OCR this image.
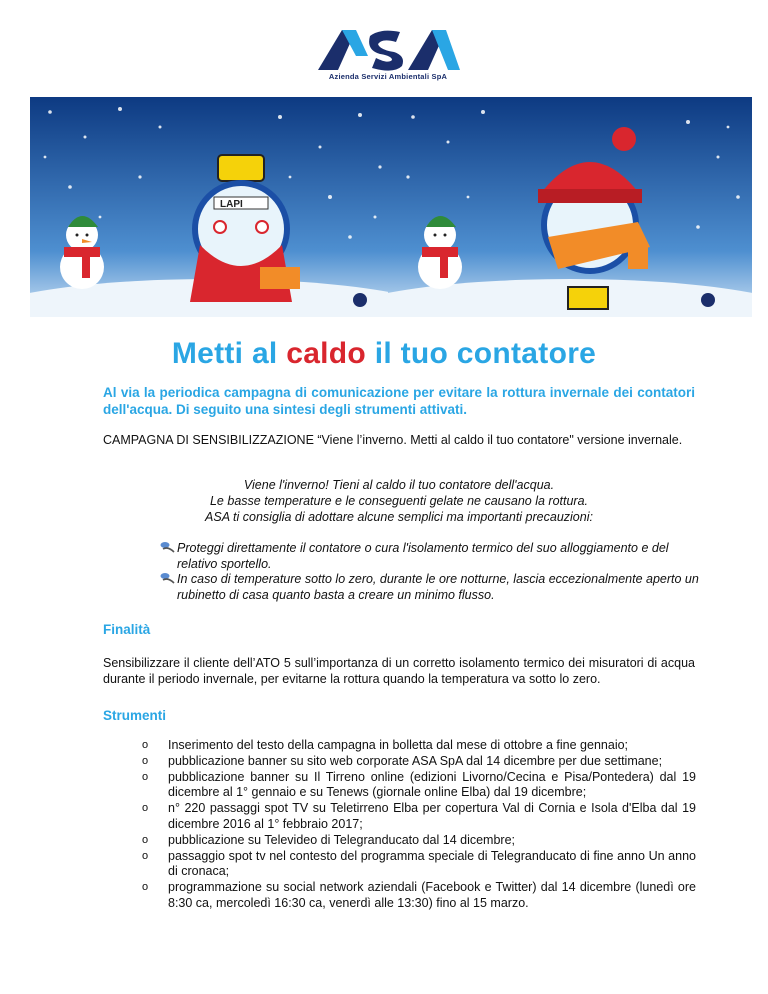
Azienda Servizi Ambientali SpA
LAPI
Metti al caldo il tuo contatore
Al via la periodica campagna di comunicazione per evitare la rottura invernale dei contatori dell'acqua. Di seguito una sintesi degli strumenti attivati.
CAMPAGNA DI SENSIBILIZZAZIONE “Viene l’inverno. Metti al caldo il tuo contatore" versione invernale.
Viene l'inverno! Tieni al caldo il tuo contatore dell'acqua.
Le basse temperature e le conseguenti gelate ne causano la rottura.
ASA ti consiglia di adottare alcune semplici ma importanti precauzioni:
Proteggi direttamente il contatore o cura l'isolamento termico del suo alloggiamento e del relativo sportello.
In caso di temperature sotto lo zero, durante le ore notturne, lascia eccezionalmente aperto un rubinetto di casa quanto basta a creare un minimo flusso.
Finalità
Sensibilizzare il cliente dell’ATO 5 sull’importanza di un corretto isolamento termico dei misuratori di acqua durante il periodo invernale, per evitarne la rottura quando la temperatura va sotto lo zero.
Strumenti
o Inserimento del testo della campagna in bolletta dal mese di ottobre a fine gennaio;
o pubblicazione banner su sito web corporate ASA SpA dal 14 dicembre per due settimane;
o pubblicazione banner su Il Tirreno online (edizioni Livorno/Cecina e Pisa/Pontedera) dal 19 dicembre al 1° gennaio e su Tenews (giornale online Elba) dal 19 dicembre;
o n° 220 passaggi spot TV su Teletirreno Elba per copertura Val di Cornia e Isola d'Elba dal 19 dicembre 2016 al 1° febbraio 2017;
o pubblicazione su Televideo di Telegranducato dal 14 dicembre;
o passaggio spot tv nel contesto del programma speciale di Telegranducato di fine anno Un anno di cronaca;
o programmazione su social network aziendali (Facebook e Twitter) dal 14 dicembre (lunedì ore 8:30 ca, mercoledì 16:30 ca, venerdì alle 13:30) fino al 15 marzo.
